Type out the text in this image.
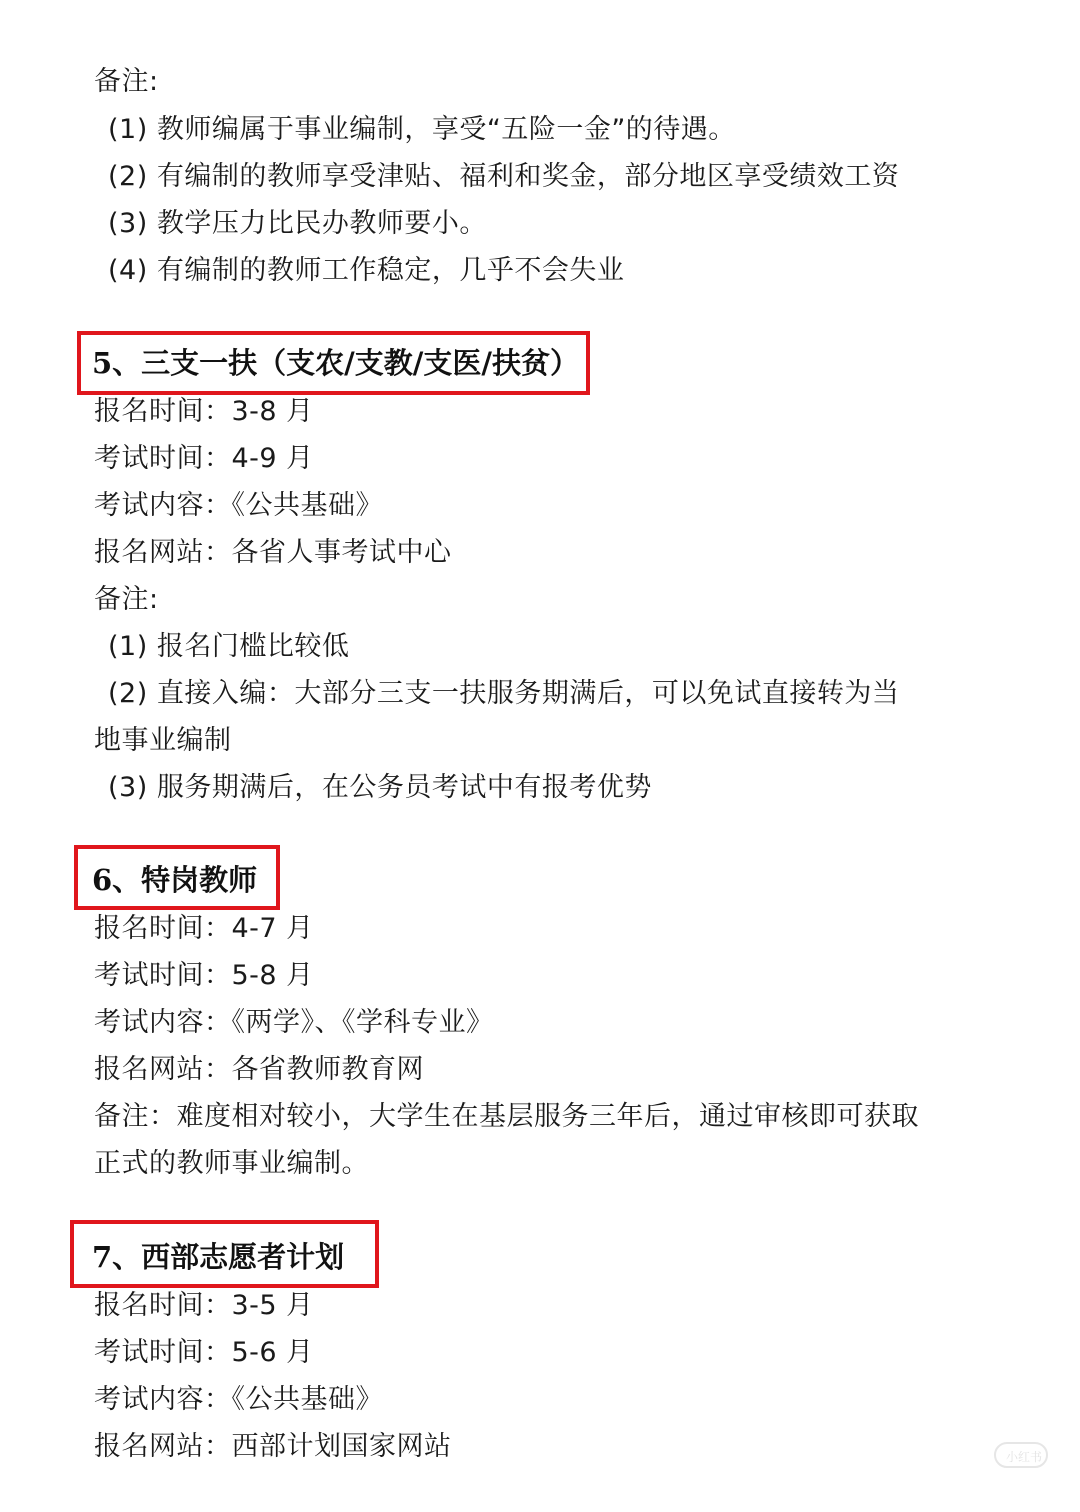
备注:
(1) 教师编属于事业编制，享受“五险一金”的待遇。
(2) 有编制的教师享受津贴、福利和奖金，部分地区享受绩效工资
(3) 教学压力比民办教师要小。
(4) 有编制的教师工作稳定，几乎不会失业
5、三支一扶（支农/支教/支医/扶贫）
报名时间：3-8 月
考试时间：4-9 月
考试内容：《公共基础》
报名网站：各省人事考试中心
备注:
(1) 报名门槛比较低
(2) 直接入编：大部分三支一扶服务期满后，可以免试直接转为当
地事业编制
(3) 服务期满后，在公务员考试中有报考优势
6、特岗教师
报名时间：4-7 月
考试时间：5-8 月
考试内容：《两学》、《学科专业》
报名网站：各省教师教育网
备注：难度相对较小，大学生在基层服务三年后，通过审核即可获取
正式的教师事业编制。
7、西部志愿者计划
报名时间：3-5 月
考试时间：5-6 月
考试内容：《公共基础》
报名网站：西部计划国家网站	小红书
